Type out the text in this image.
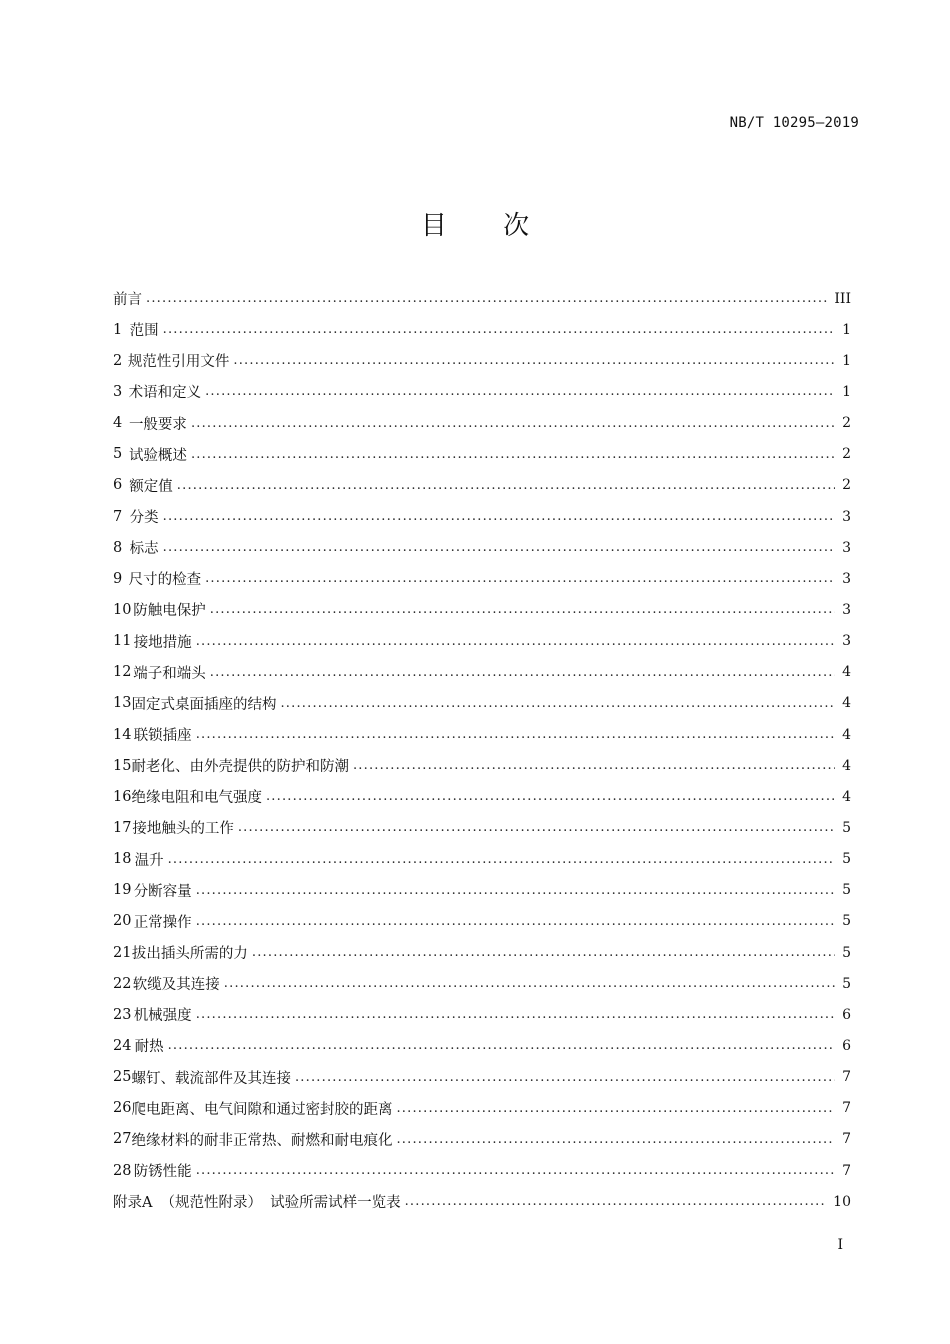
NB/T 10295—2019
目 次
前言 .....	III
1 范围 .....	1
2 规范性引用文件 .....	1
3 术语和定义 .....	1
4 一般要求 .....	2
5 试验概述 .....	2
6 额定值 .....	2
7 分类 .....	3
8 标志 .....	3
9 尺寸的检查 .....	3
10 防触电保护 .....	3
11 接地措施 .....	3
12 端子和端头 .....	4
13 固定式桌面插座的结构 .....	4
14 联锁插座 .....	4
15 耐老化、由外壳提供的防护和防潮 .....	4
16 绝缘电阻和电气强度 .....	4
17 接地触头的工作 .....	5
18 温升 .....	5
19 分断容量 .....	5
20 正常操作 .....	5
21 拔出插头所需的力 .....	5
22 软缆及其连接 .....	5
23 机械强度 .....	6
24 耐热 .....	6
25 螺钉、载流部件及其连接 .....	7
26 爬电距离、电气间隙和通过密封胶的距离 .....	7
27 绝缘材料的耐非正常热、耐燃和耐电痕化 .....	7
28 防锈性能 .....	7
附录A （规范性附录） 试验所需试样一览表 .....	10
I
